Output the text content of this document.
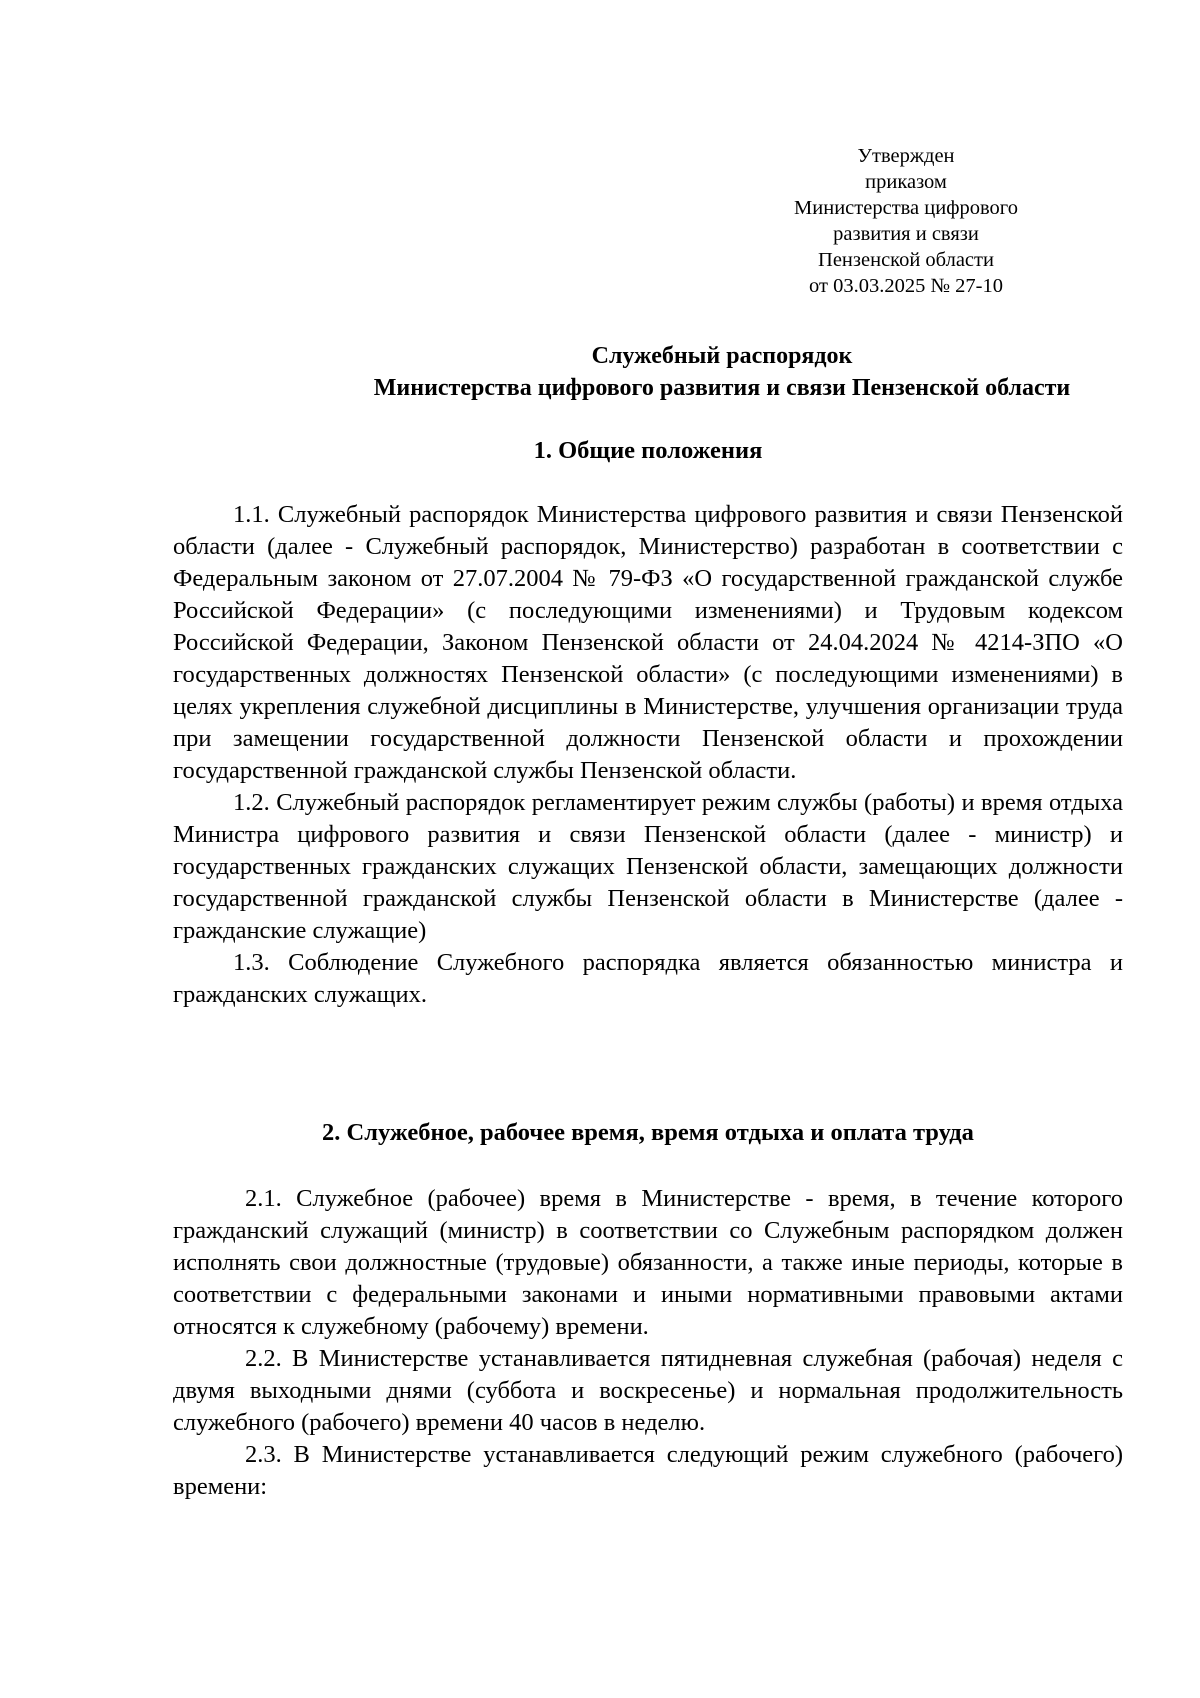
Утвержден
приказом
Министерства цифрового
развития и связи
Пензенской области
от 03.03.2025 № 27-10
Служебный распорядок
Министерства цифрового развития и связи Пензенской области
1. Общие положения

1.1. Служебный распорядок Министерства цифрового развития и связи Пензенской области (далее - Служебный распорядок, Министерство) разработан в соответствии с Федеральным законом от 27.07.2004 № 79-ФЗ «О государственной гражданской службе Российской Федерации» (с последующими изменениями) и Трудовым кодексом Российской Федерации, Законом Пензенской области от 24.04.2024 № 4214-ЗПО «О государственных должностях Пензенской области» (с последующими изменениями) в целях укрепления служебной дисциплины в Министерстве, улучшения организации труда при замещении государственной должности Пензенской области и прохождении государственной гражданской службы Пензенской области.

1.2. Служебный распорядок регламентирует режим службы (работы) и время отдыха Министра цифрового развития и связи Пензенской области (далее - министр) и государственных гражданских служащих Пензенской области, замещающих должности государственной гражданской службы Пензенской области в Министерстве (далее - гражданские служащие)

1.3. Соблюдение Служебного распорядка является обязанностью министра и гражданских служащих.

2. Служебное, рабочее время, время отдыха и оплата труда

2.1. Служебное (рабочее) время в Министерстве - время, в течение которого гражданский служащий (министр) в соответствии со Служебным распорядком должен исполнять свои должностные (трудовые) обязанности, а также иные периоды, которые в соответствии с федеральными законами и иными нормативными правовыми актами относятся к служебному (рабочему) времени.

2.2. В Министерстве устанавливается пятидневная служебная (рабочая) неделя с двумя выходными днями (суббота и воскресенье) и нормальная продолжительность служебного (рабочего) времени 40 часов в неделю.

2.3. В Министерстве устанавливается следующий режим служебного (рабочего) времени:
